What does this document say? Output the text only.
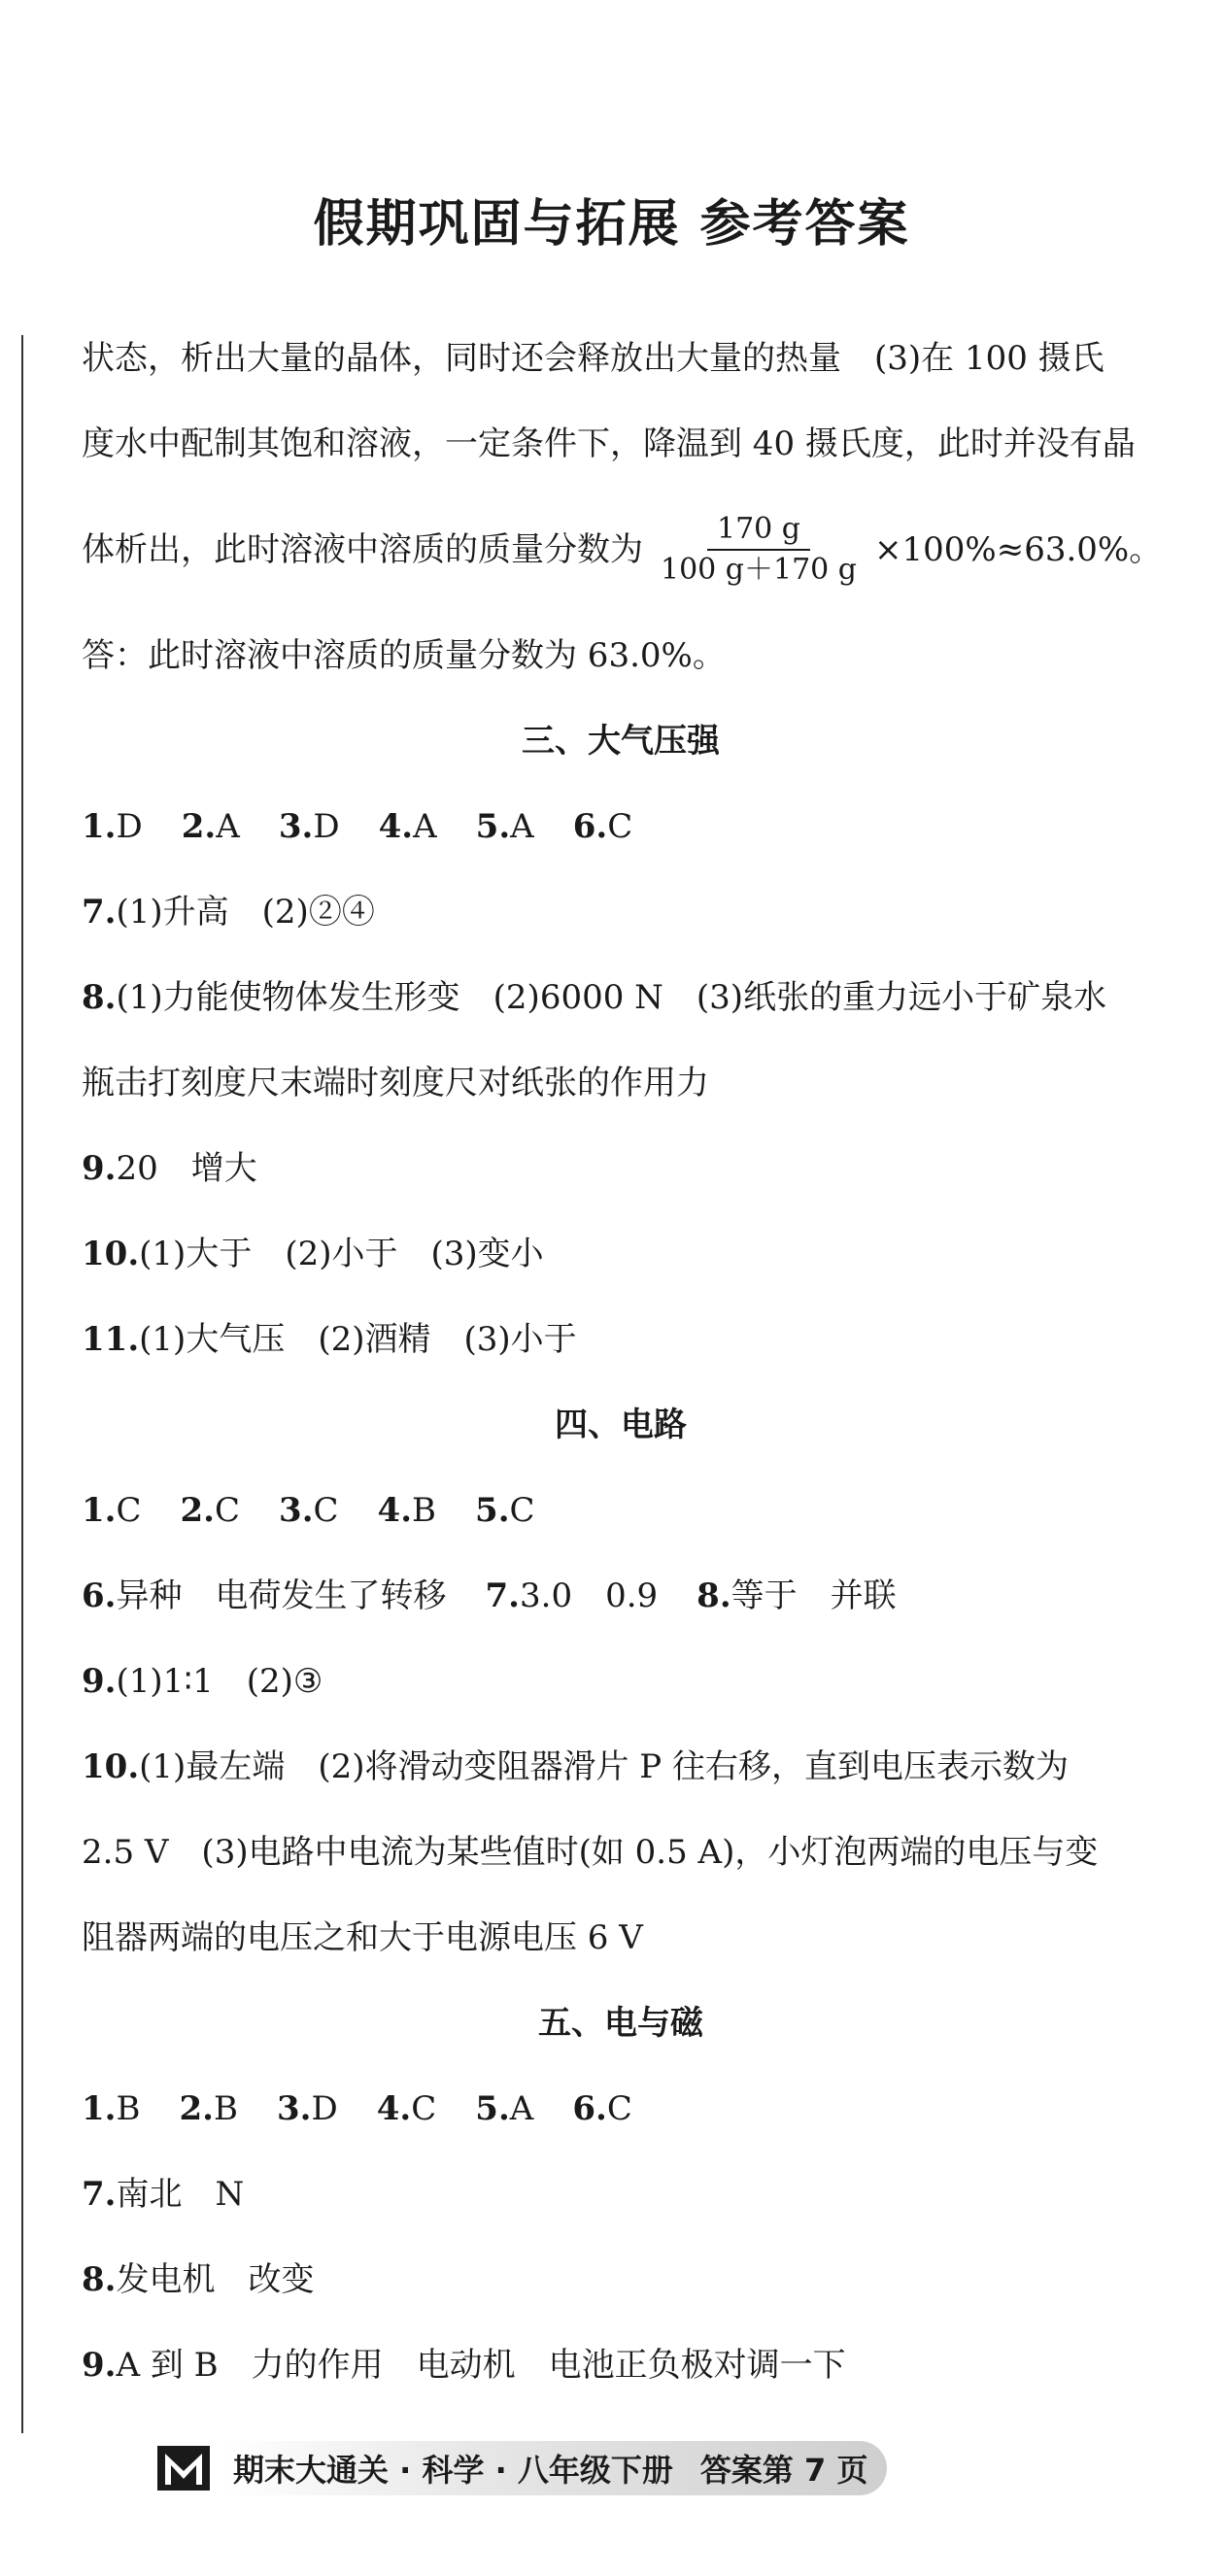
假期巩固与拓展 参考答案
状态，析出大量的晶体，同时还会释放出大量的热量　(3)在 100 摄氏
度水中配制其饱和溶液，一定条件下，降温到 40 摄氏度，此时并没有晶
体析出，此时溶液中溶质的质量分数为 $\frac{170 g}{100 g+170 g} \times 100\%\approx 63.0\%$。
答：此时溶液中溶质的质量分数为 63.0%。
三、大气压强
1. D 2. A 3. D 4. A 5. A 6. C
7. (1)升高　(2)②④
8. (1)力能使物体发生形变　(2)6000 N　(3)纸张的重力远小于矿泉水
瓶击打刻度尺末端时刻度尺对纸张的作用力
9. 20　增大
10. (1)大于　(2)小于　(3)变小
11. (1)大气压　(2)酒精　(3)小于
四、电路
1. C 2. C 3. C 4. B 5. C
6. 异种　电荷发生了转移 7. 3.0　0.9 8. 等于　并联
9. (1)1∶1　(2)③
10. (1)最左端　(2)将滑动变阻器滑片 P 往右移，直到电压表示数为
2.5 V　(3)电路中电流为某些值时(如 0.5 A)，小灯泡两端的电压与变
阻器两端的电压之和大于电源电压 6 V
五、电与磁
1. B 2. B 3. D 4. C 5. A 6. C
7. 南北　N
8. 发电机　改变
9. A 到 B　力的作用　电动机　电池正负极对调一下
期末大通关 · 科学 · 八年级下册 答案第 7 页
